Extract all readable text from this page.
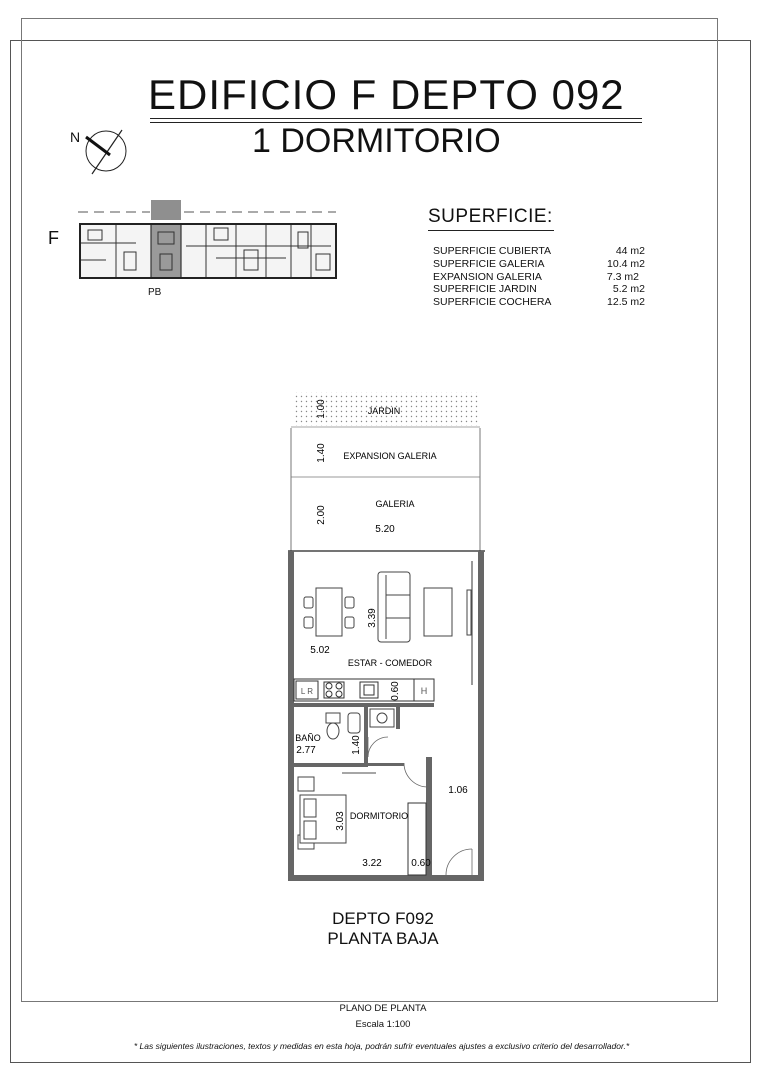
EDIFICIO F DEPTO 092
1 DORMITORIO
N
F
PB
SUPERFICIE:
SUPERFICIE CUBIERTA	44 m2
SUPERFICIE GALERIA	10.4 m2
EXPANSION GALERIA	7.3 m2
SUPERFICIE JARDIN	5.2 m2
SUPERFICIE COCHERA	12.5 m2
JARDIN
1.00
EXPANSION GALERIA
1.40
GALERIA
2.00
5.20
3.39
5.02
ESTAR - COMEDOR
L R	H
0.60
BAÑO
2.77	1.40
1.06
3.03 DORMITORIO
3.22	0.60
DEPTO F092
PLANTA BAJA
PLANO DE PLANTA
Escala 1:100
* Las siguientes ilustraciones, textos y medidas en esta hoja, podrán sufrir eventuales ajustes a exclusivo criterio del desarrollador.*
